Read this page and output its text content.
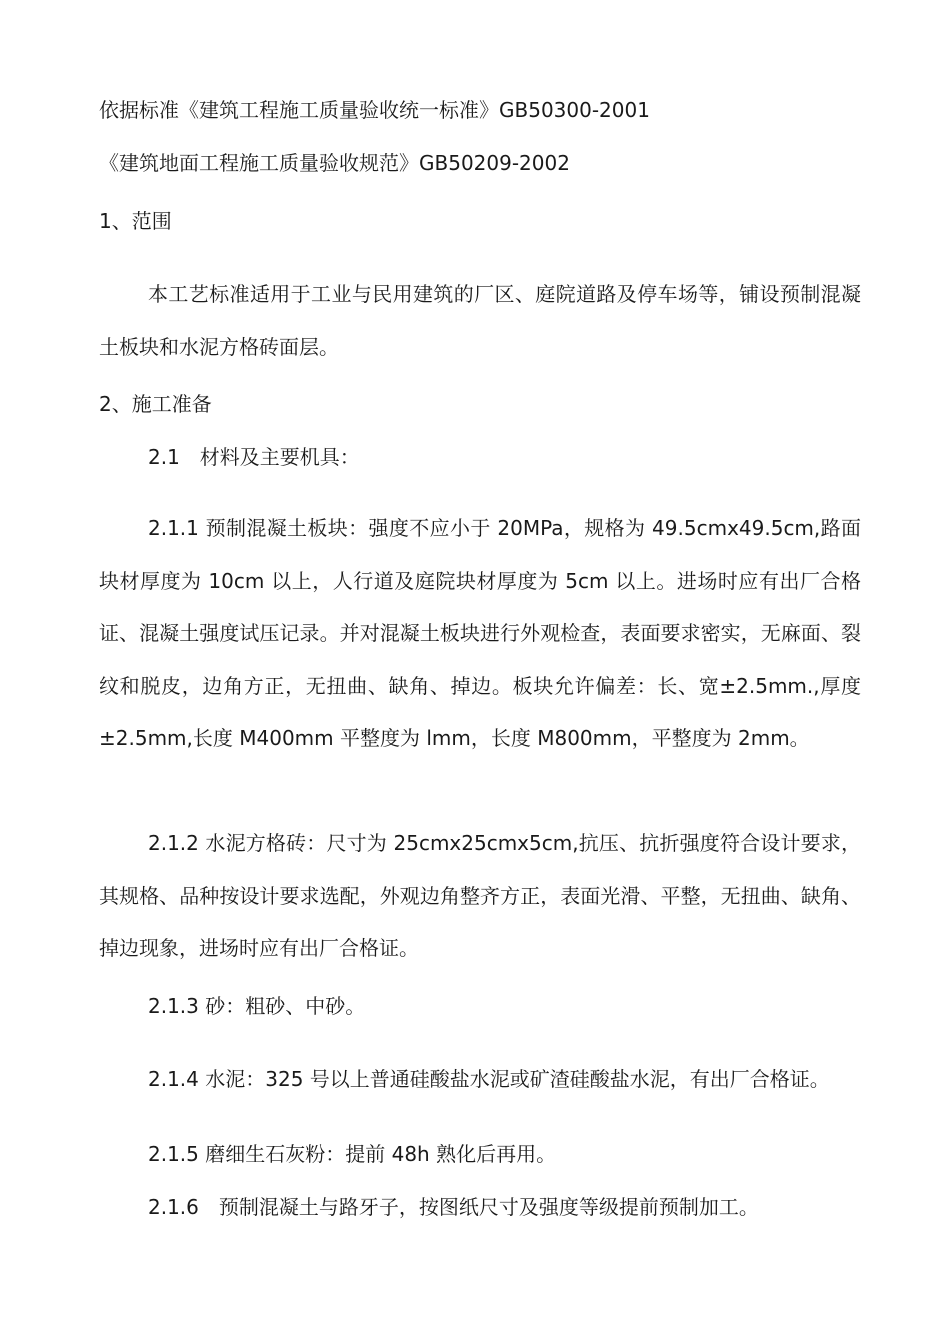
依据标准《建筑工程施工质量验收统一标准》GB50300-2001
《建筑地面工程施工质量验收规范》GB50209-2002
1、范围
本工艺标准适用于工业与民用建筑的厂区、庭院道路及停车场等，铺设预制混凝土板块和水泥方格砖面层。
2、施工准备
2.1　材料及主要机具：
2.1.1 预制混凝土板块：强度不应小于 20MPa，规格为 49.5cmx49.5cm,路面块材厚度为 10cm 以上，人行道及庭院块材厚度为 5cm 以上。进场时应有出厂合格证、混凝土强度试压记录。并对混凝土板块进行外观检查，表面要求密实，无麻面、裂纹和脱皮，边角方正，无扭曲、缺角、掉边。板块允许偏差：长、宽±2.5mm.,厚度±2.5mm,长度 M400mm 平整度为 lmm，长度 M800mm，平整度为 2mm。
2.1.2 水泥方格砖：尺寸为 25cmx25cmx5cm,抗压、抗折强度符合设计要求，其规格、品种按设计要求选配，外观边角整齐方正，表面光滑、平整，无扭曲、缺角、掉边现象，进场时应有出厂合格证。
2.1.3 砂：粗砂、中砂。
2.1.4 水泥：325 号以上普通硅酸盐水泥或矿渣硅酸盐水泥，有出厂合格证。
2.1.5 磨细生石灰粉：提前 48h 熟化后再用。
2.1.6　预制混凝土与路牙子，按图纸尺寸及强度等级提前预制加工。
